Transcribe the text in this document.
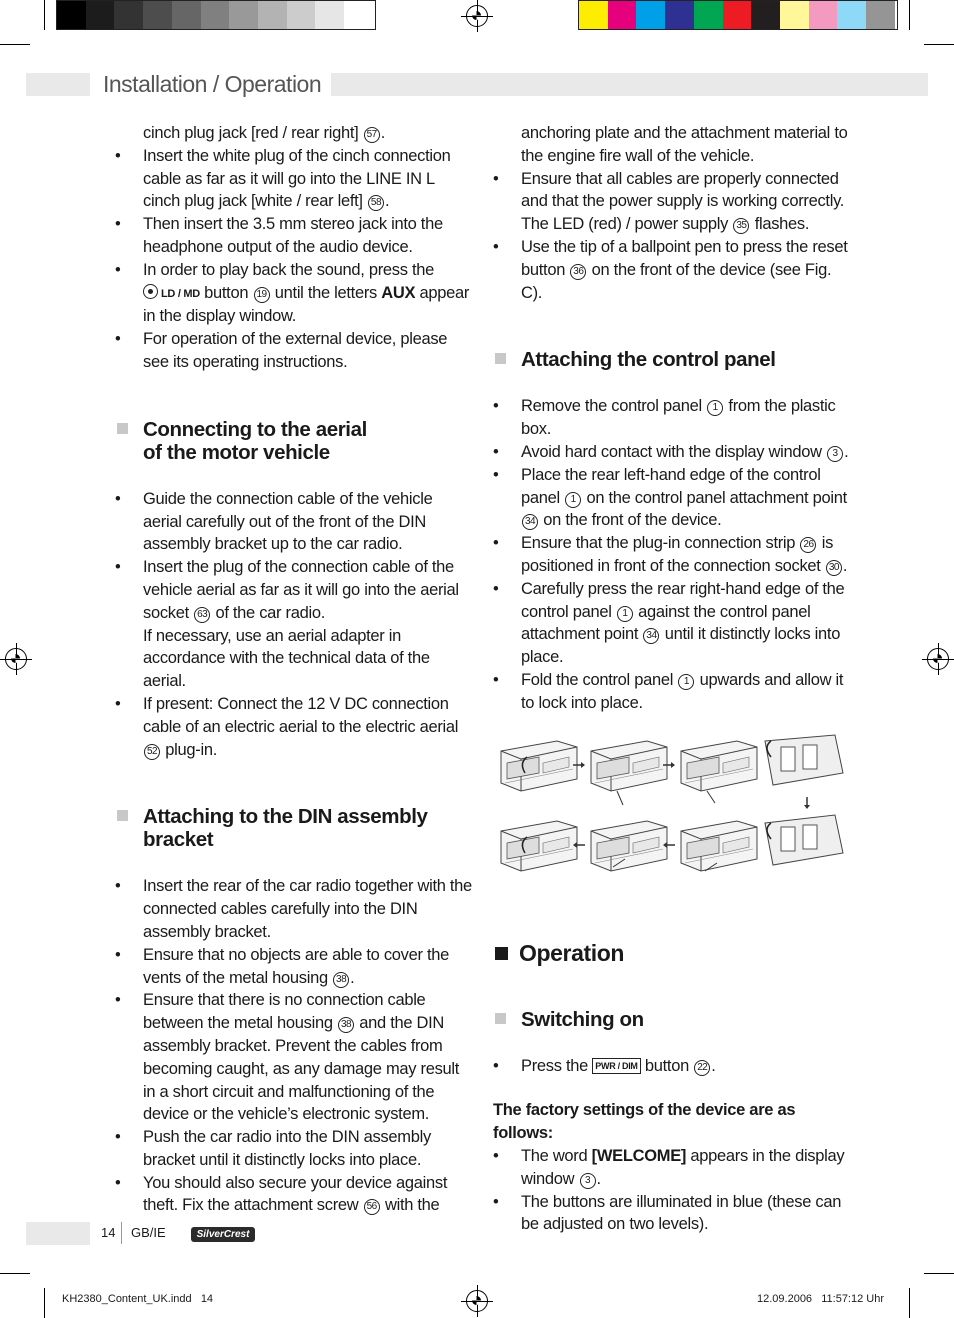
Installation / Operation

cinch plug jack [red / rear right] 57 .

• Insert the white plug of the cinch connection cable as far as it will go into the LINE IN L cinch plug jack [white / rear left] 58 .

• Then insert the 3.5 mm stereo jack into the headphone output of the audio device.

• In order to play back the sound, press the
LD / MD button 19 until the letters AUX appear in the display window.

• For operation of the external device, please see its operating instructions.

Connecting to the aerial
of the motor vehicle

• Guide the connection cable of the vehicle aerial carefully out of the front of the DIN assembly bracket up to the car radio.

• Insert the plug of the connection cable of the vehicle aerial as far as it will go into the aerial socket 63 of the car radio.

If necessary, use an aerial adapter in accordance with the technical data of the aerial.

• If present: Connect the 12 V DC connection cable of an electric aerial to the electric aerial 52 plug-in.

Attaching to the DIN assembly
bracket

• Insert the rear of the car radio together with the connected cables carefully into the DIN assembly bracket.

• Ensure that no objects are able to cover the vents of the metal housing 38 .

• Ensure that there is no connection cable between the metal housing 38 and the DIN assembly bracket. Prevent the cables from becoming caught, as any damage may result in a short circuit and malfunctioning of the device or the vehicle’s electronic system.

• Push the car radio into the DIN assembly bracket until it distinctly locks into place.

• You should also secure your device against theft. Fix the attachment screw 56 with the

anchoring plate and the attachment material to the engine fire wall of the vehicle.

• Ensure that all cables are properly connected and that the power supply is working correctly. The LED (red) / power supply 35 flashes.

• Use the tip of a ballpoint pen to press the reset button 36 on the front of the device (see Fig. C).

Attaching the control panel

• Remove the control panel 1 from the plastic box.

• Avoid hard contact with the display window 3 .

• Place the rear left-hand edge of the control panel 1 on the control panel attachment point 34 on the front of the device.

• Ensure that the plug-in connection strip 26 is positioned in front of the connection socket 30 .

• Carefully press the rear right-hand edge of the control panel 1 against the control panel attachment point 34 until it distinctly locks into place.

• Fold the control panel 1 upwards and allow it to lock into place.

Operation
Switching on

• Press the PWR / DIM button 22 .

The factory settings of the device are as follows:

• The word [WELCOME] appears in the display window 3 .

• The buttons are illuminated in blue (these can be adjusted on two levels).

14 GB/IE	SilverCrest
KH2380_Content_UK.indd   14	12.09.2006   11:57:12 Uhr
